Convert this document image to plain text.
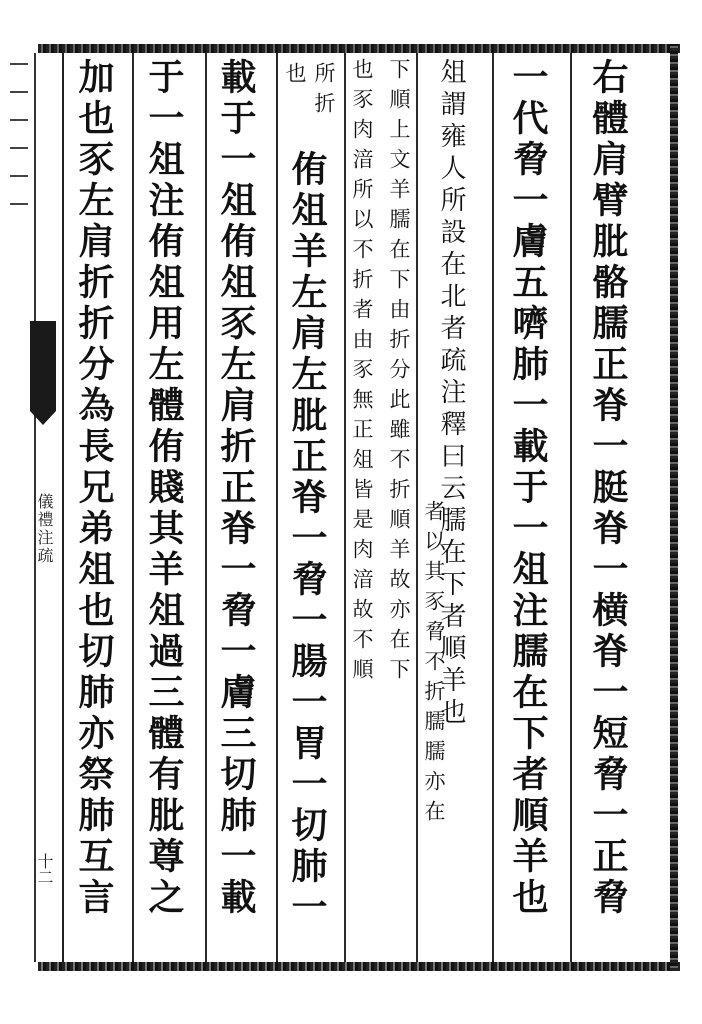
儀禮注疏
十二	右體肩臂肶骼臑正脊一脡脊一横脊一短脅一正脅
一代脅一膚五嚌肺一載于一俎注臑在下者順羊也
俎謂雍人所設在北者疏注釋曰云臑在下者順羊也
下順上文羊臑在下由折分此雖不折順羊故亦在下 者以其豕脅不折臑臑亦在
也豕肉湆所以不折者由豕無正俎皆是肉湆故不順
所折
也
侑俎羊左肩左肶正脊一脅一腸一胃一切肺一
載于一俎侑俎豕左肩折正脊一脅一膚三切肺一載
于一俎注侑俎用左體侑賤其羊俎過三體有肶尊之
加也豕左肩折折分為長兄弟俎也切肺亦祭肺互言
